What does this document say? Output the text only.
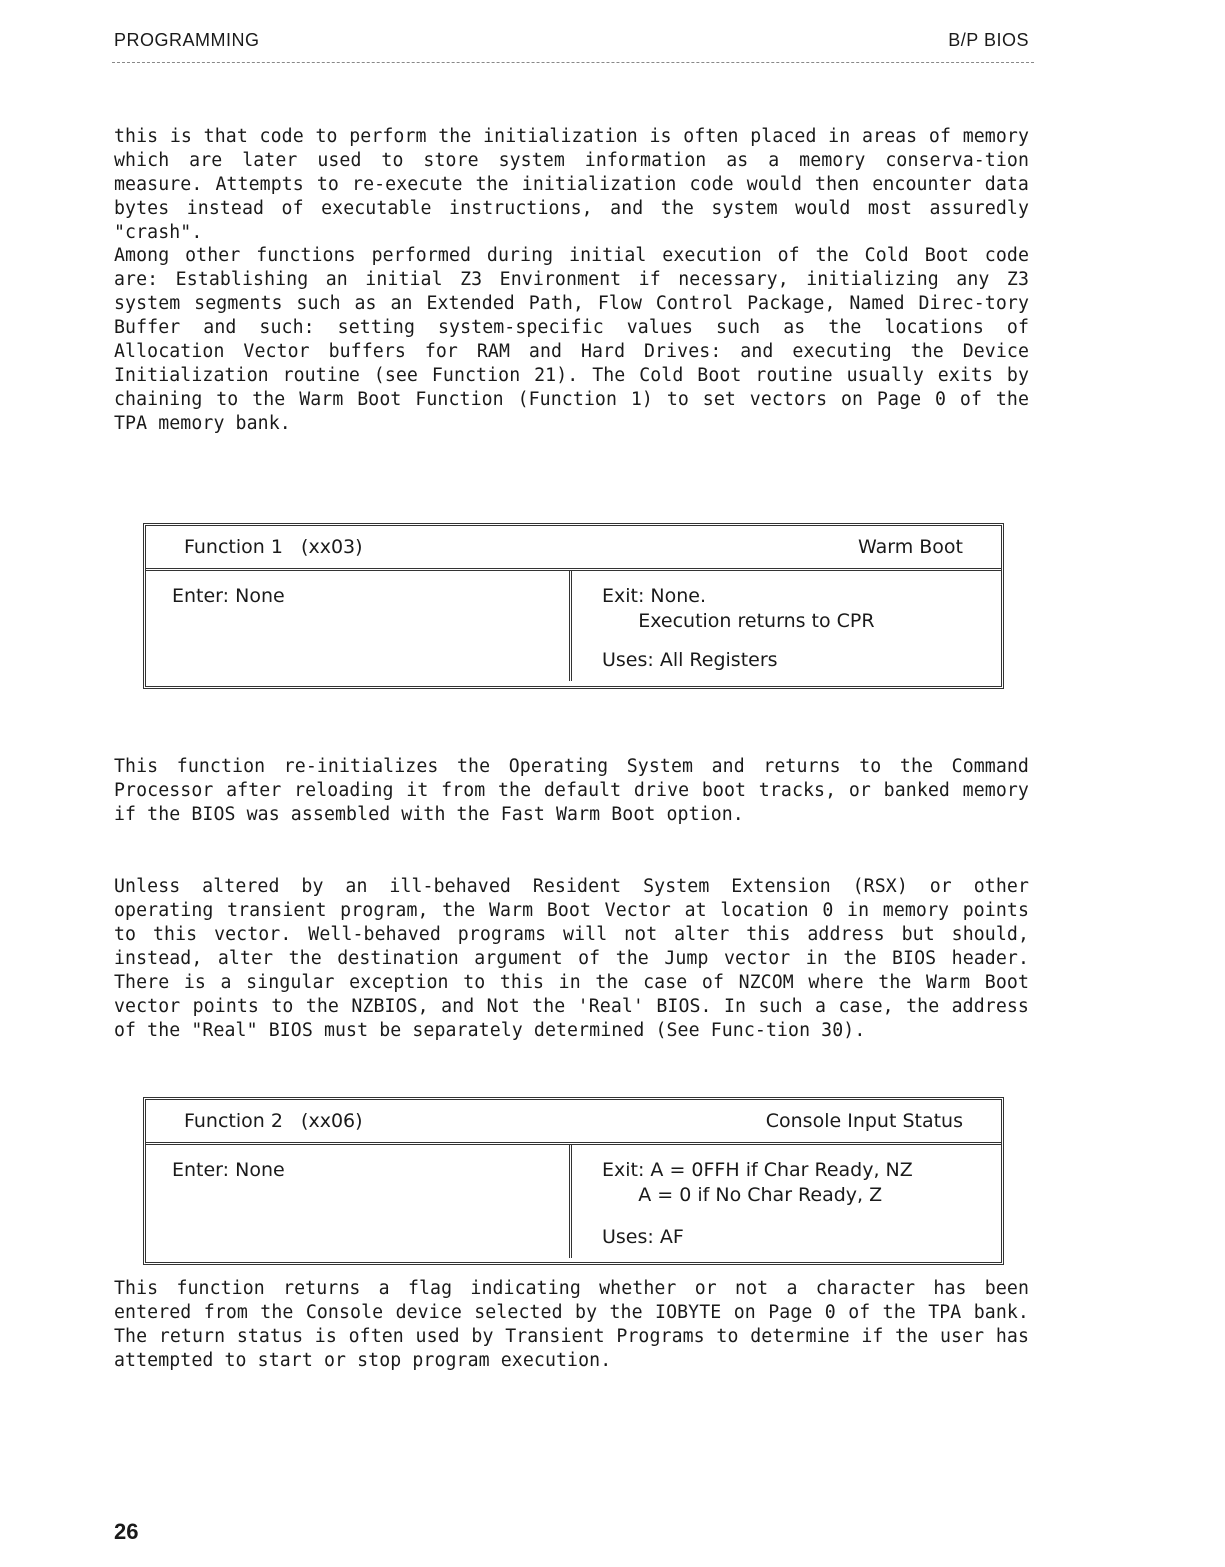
PROGRAMMING	B/P BIOS

this is that code to perform the initialization is often placed in areas of memory which are later used to store system information as a memory conserva-tion measure. Attempts to re-execute the initialization code would then encounter data bytes instead of executable instructions, and the system would most assuredly "crash".

Among other functions performed during initial execution of the Cold Boot code are: Establishing an initial Z3 Environment if necessary, initializing any Z3 system segments such as an Extended Path, Flow Control Package, Named Direc-tory Buffer and such: setting system-specific values such as the locations of Allocation Vector buffers for RAM and Hard Drives: and executing the Device Initialization routine (see Function 21). The Cold Boot routine usually exits by chaining to the Warm Boot Function (Function 1) to set vectors on Page 0 of the TPA memory bank.

Function 1   (xx03)	Warm Boot
Enter: None	Exit: None.
Execution returns to CPR
Uses: All Registers

This function re-initializes the Operating System and returns to the Command Processor after reloading it from the default drive boot tracks, or banked memory if the BIOS was assembled with the Fast Warm Boot option.

Unless altered by an ill-behaved Resident System Extension (RSX) or other operating transient program, the Warm Boot Vector at location 0 in memory points to this vector. Well-behaved programs will not alter this address but should, instead, alter the destination argument of the Jump vector in the BIOS header. There is a singular exception to this in the case of NZCOM where the Warm Boot vector points to the NZBIOS, and Not the 'Real' BIOS. In such a case, the address of the "Real" BIOS must be separately determined (See Func-tion 30).

Function 2   (xx06)	Console Input Status
Enter: None	Exit: A = 0FFH if Char Ready, NZ
A = 0 if No Char Ready, Z
Uses: AF

This function returns a flag indicating whether or not a character has been entered from the Console device selected by the IOBYTE on Page 0 of the TPA bank. The return status is often used by Transient Programs to determine if the user has attempted to start or stop program execution.

26
